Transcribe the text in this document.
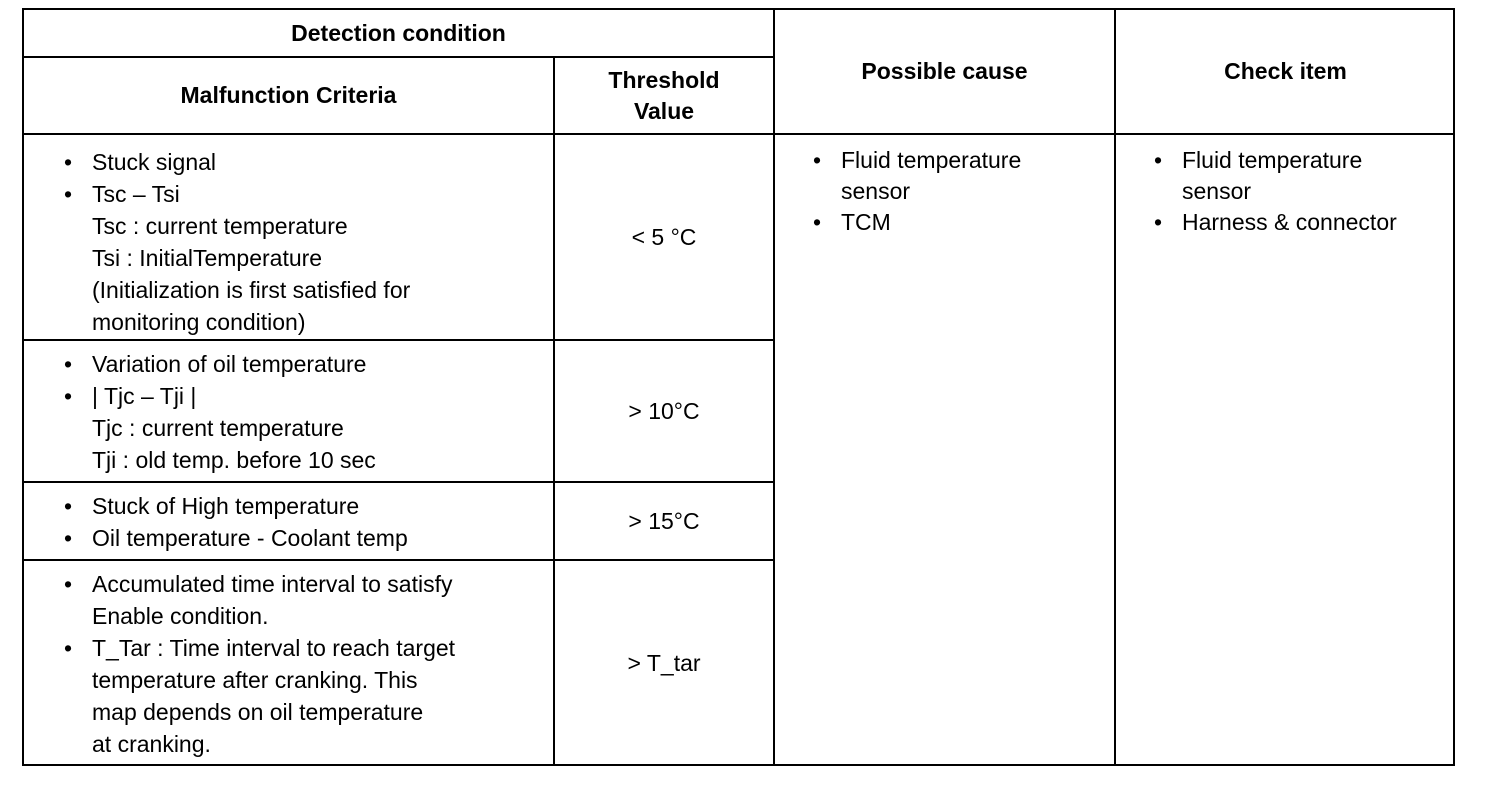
Detection condition
Malfunction Criteria
Threshold
Value
Possible cause	Check item
• Stuck signal
• Tsc – Tsi
Tsc : current temperature
Tsi : InitialTemperature
(Initialization is first satisfied for
monitoring condition)
< 5 °C
• Variation of oil temperature
• | Tjc – Tji |
Tjc : current temperature
Tji : old temp. before 10 sec
> 10°C
• Stuck of High temperature
• Oil temperature - Coolant temp
> 15°C
• Accumulated time interval to satisfy
Enable condition.
• T_Tar : Time interval to reach target
temperature after cranking. This
map depends on oil temperature
at cranking.
> T_tar
• Fluid temperature
sensor
• TCM
• Fluid temperature
sensor
• Harness & connector
